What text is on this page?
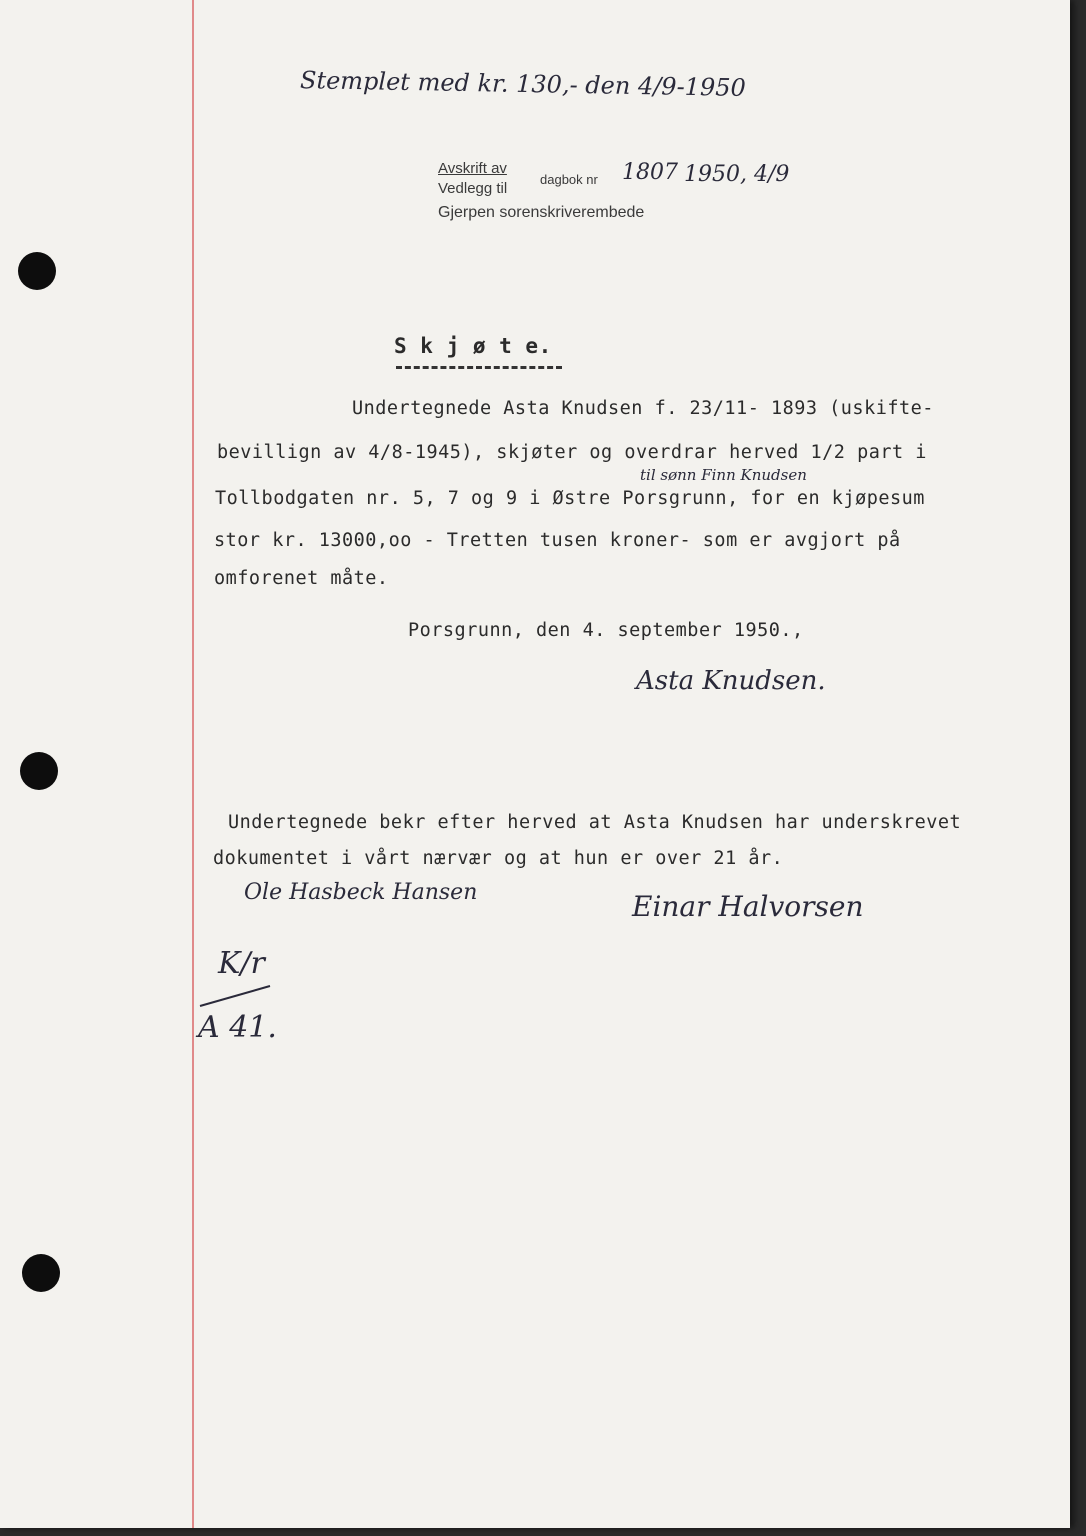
Stemplet med kr. 130,- den 4/9-1950
Avskrift av
Vedlegg til
dagbok nr 1807 1950, 4/9
Gjerpen sorenskriverembede
S k j ø t e.
Undertegnede Asta Knudsen f. 23/11- 1893 (uskifte-
bevillign av 4/8-1945), skjøter og overdrar herved 1/2 part i
til sønn Finn Knudsen
Tollbodgaten nr. 5, 7 og 9 i Østre Porsgrunn, for en kjøpesum
stor kr. 13000,oo - Tretten tusen kroner- som er avgjort på
omforenet måte.
Porsgrunn, den 4. september 1950.,
Asta Knudsen.
Undertegnede bekr efter herved at Asta Knudsen har underskrevet
dokumentet i vårt nærvær og at hun er over 21 år.
Ole Hasbeck Hansen	Einar Halvorsen
K/r
A 41.
